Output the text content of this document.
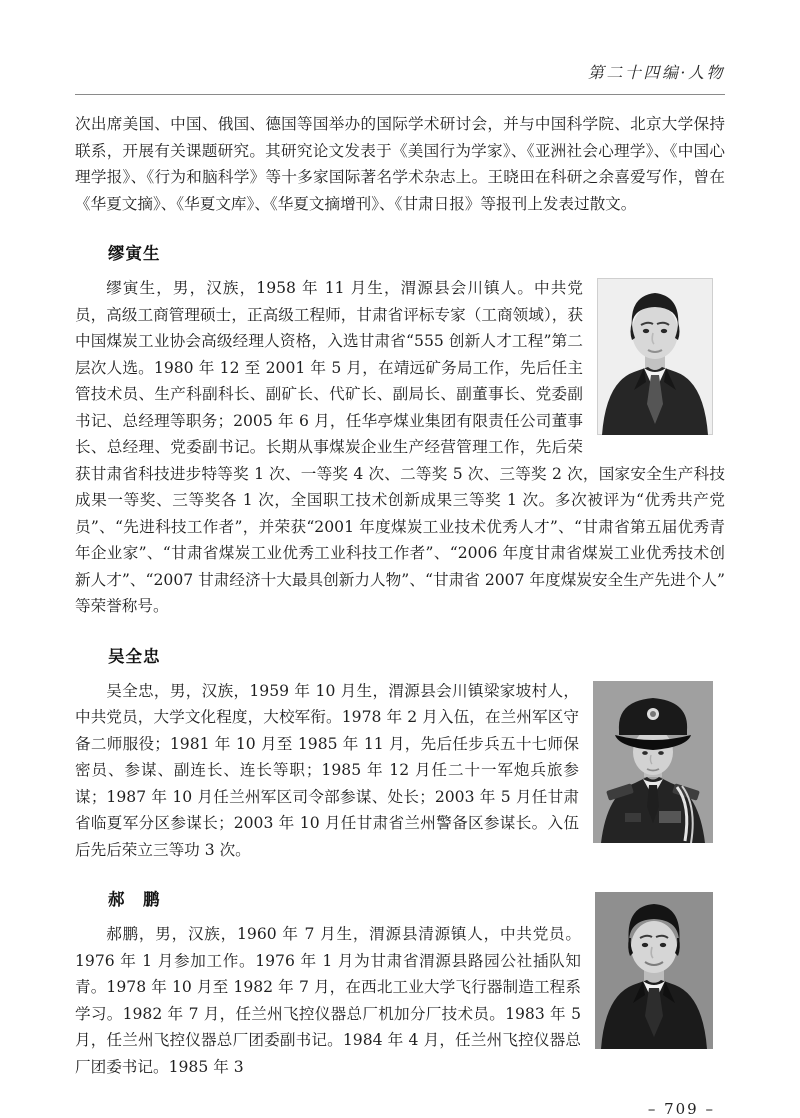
第二十四编·人物

次出席美国、中国、俄国、德国等国举办的国际学术研讨会，并与中国科学院、北京大学保持联系，开展有关课题研究。其研究论文发表于《美国行为学家》、《亚洲社会心理学》、《中国心理学报》、《行为和脑科学》等十多家国际著名学术杂志上。王晓田在科研之余喜爱写作，曾在《华夏文摘》、《华夏文库》、《华夏文摘增刊》、《甘肃日报》等报刊上发表过散文。

缪寅生

缪寅生，男，汉族，1958 年 11 月生，渭源县会川镇人。中共党员，高级工商管理硕士，正高级工程师，甘肃省评标专家（工商领域），获中国煤炭工业协会高级经理人资格，入选甘肃省“555 创新人才工程”第二层次人选。1980 年 12 至 2001 年 5 月，在靖远矿务局工作，先后任主管技术员、生产科副科长、副矿长、代矿长、副局长、副董事长、党委副书记、总经理等职务；2005 年 6 月，任华亭煤业集团有限责任公司董事长、总经理、党委副书记。长期从事煤炭企业生产经营管理工作，先后荣获甘肃省科技进步特等奖 1 次、一等奖 4 次、二等奖 5 次、三等奖 2 次，国家安全生产科技成果一等奖、三等奖各 1 次，全国职工技术创新成果三等奖 1 次。多次被评为“优秀共产党员”、“先进科技工作者”，并荣获“2001 年度煤炭工业技术优秀人才”、“甘肃省第五届优秀青年企业家”、“甘肃省煤炭工业优秀工业科技工作者”、“2006 年度甘肃省煤炭工业优秀技术创新人才”、“2007 甘肃经济十大最具创新力人物”、“甘肃省 2007 年度煤炭安全生产先进个人”等荣誉称号。

吴全忠

吴全忠，男，汉族，1959 年 10 月生，渭源县会川镇梁家坡村人，中共党员，大学文化程度，大校军衔。1978 年 2 月入伍，在兰州军区守备二师服役；1981 年 10 月至 1985 年 11 月，先后任步兵五十七师保密员、参谋、副连长、连长等职；1985 年 12 月任二十一军炮兵旅参谋；1987 年 10 月任兰州军区司令部参谋、处长；2003 年 5 月任甘肃省临夏军分区参谋长；2003 年 10 月任甘肃省兰州警备区参谋长。入伍后先后荣立三等功 3 次。

郝　鹏

郝鹏，男，汉族，1960 年 7 月生，渭源县清源镇人，中共党员。1976 年 1 月参加工作。1976 年 1 月为甘肃省渭源县路园公社插队知青。1978 年 10 月至 1982 年 7 月，在西北工业大学飞行器制造工程系学习。1982 年 7 月，任兰州飞控仪器总厂机加分厂技术员。1983 年 5 月，任兰州飞控仪器总厂团委副书记。1984 年 4 月，任兰州飞控仪器总厂团委书记。1985 年 3

– 709 –
